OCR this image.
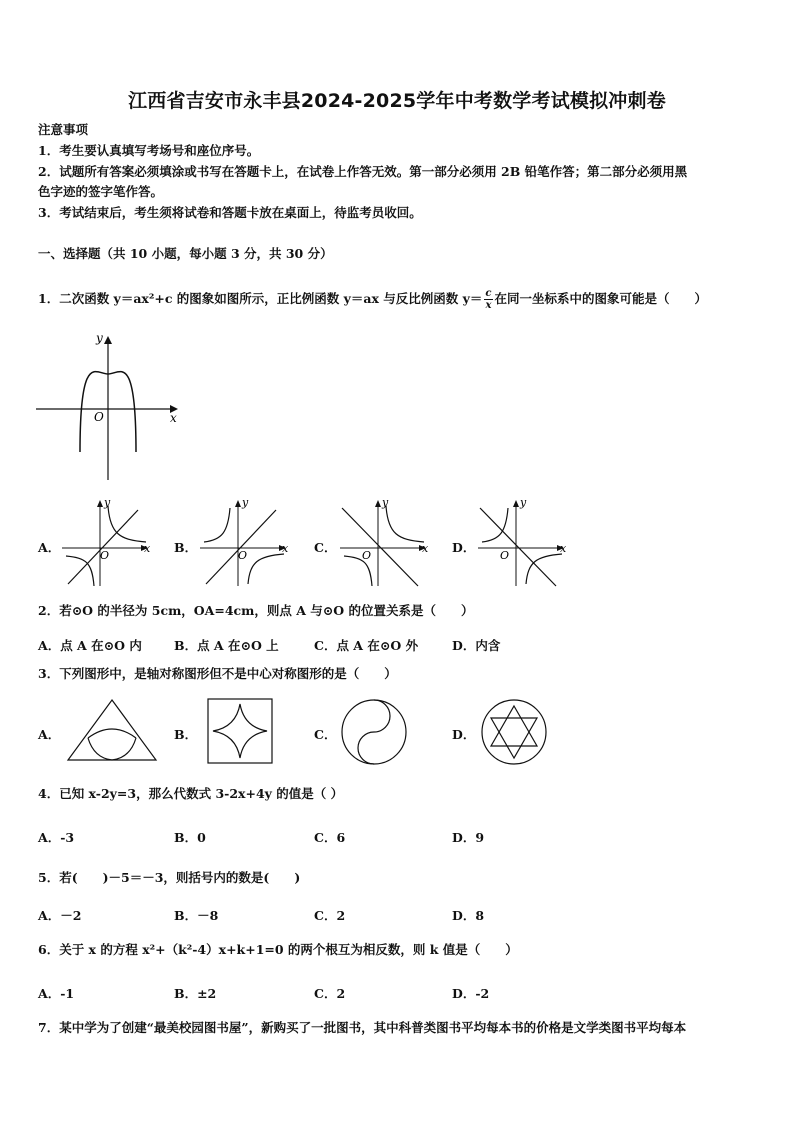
江西省吉安市永丰县2024-2025学年中考数学考试模拟冲刺卷
注意事项
1．考生要认真填写考场号和座位序号。
2．试题所有答案必须填涂或书写在答题卡上，在试卷上作答无效。第一部分必须用 2B 铅笔作答；第二部分必须用黑
色字迹的签字笔作答。
3．考试结束后，考生须将试卷和答题卡放在桌面上，待监考员收回。
一、选择题（共 10 小题，每小题 3 分，共 30 分）
1．二次函数 y＝ax²+c 的图象如图所示，正比例函数 y＝ax 与反比例函数 $y= \frac{c}{x}$ 在同一坐标系中的图象可能是（　　）
y
x
O
A．
y
x
O
B．
y
x
O
C．
y
x
O
D．
y
x
O
2．若⊙O 的半径为 5cm，OA=4cm，则点 A 与⊙O 的位置关系是（　　）
A．点 A 在⊙O 内	B．点 A 在⊙O 上	C．点 A 在⊙O 外	D．内含
3．下列图形中，是轴对称图形但不是中心对称图形的是（　　）
A．	B．	C．	D．
4．已知 x-2y=3，那么代数式 3-2x+4y 的值是（ ）
A．-3	B．0	C．6	D．9
5．若(　　)－5＝－3，则括号内的数是(　　)
A．－2	B．－8	C．2	D．8
6．关于 x 的方程 x²+（k²-4）x+k+1=0 的两个根互为相反数，则 k 值是（　　）
A．-1	B．±2	C．2	D．-2
7．某中学为了创建“最美校园图书屋”，新购买了一批图书，其中科普类图书平均每本书的价格是文学类图书平均每本
